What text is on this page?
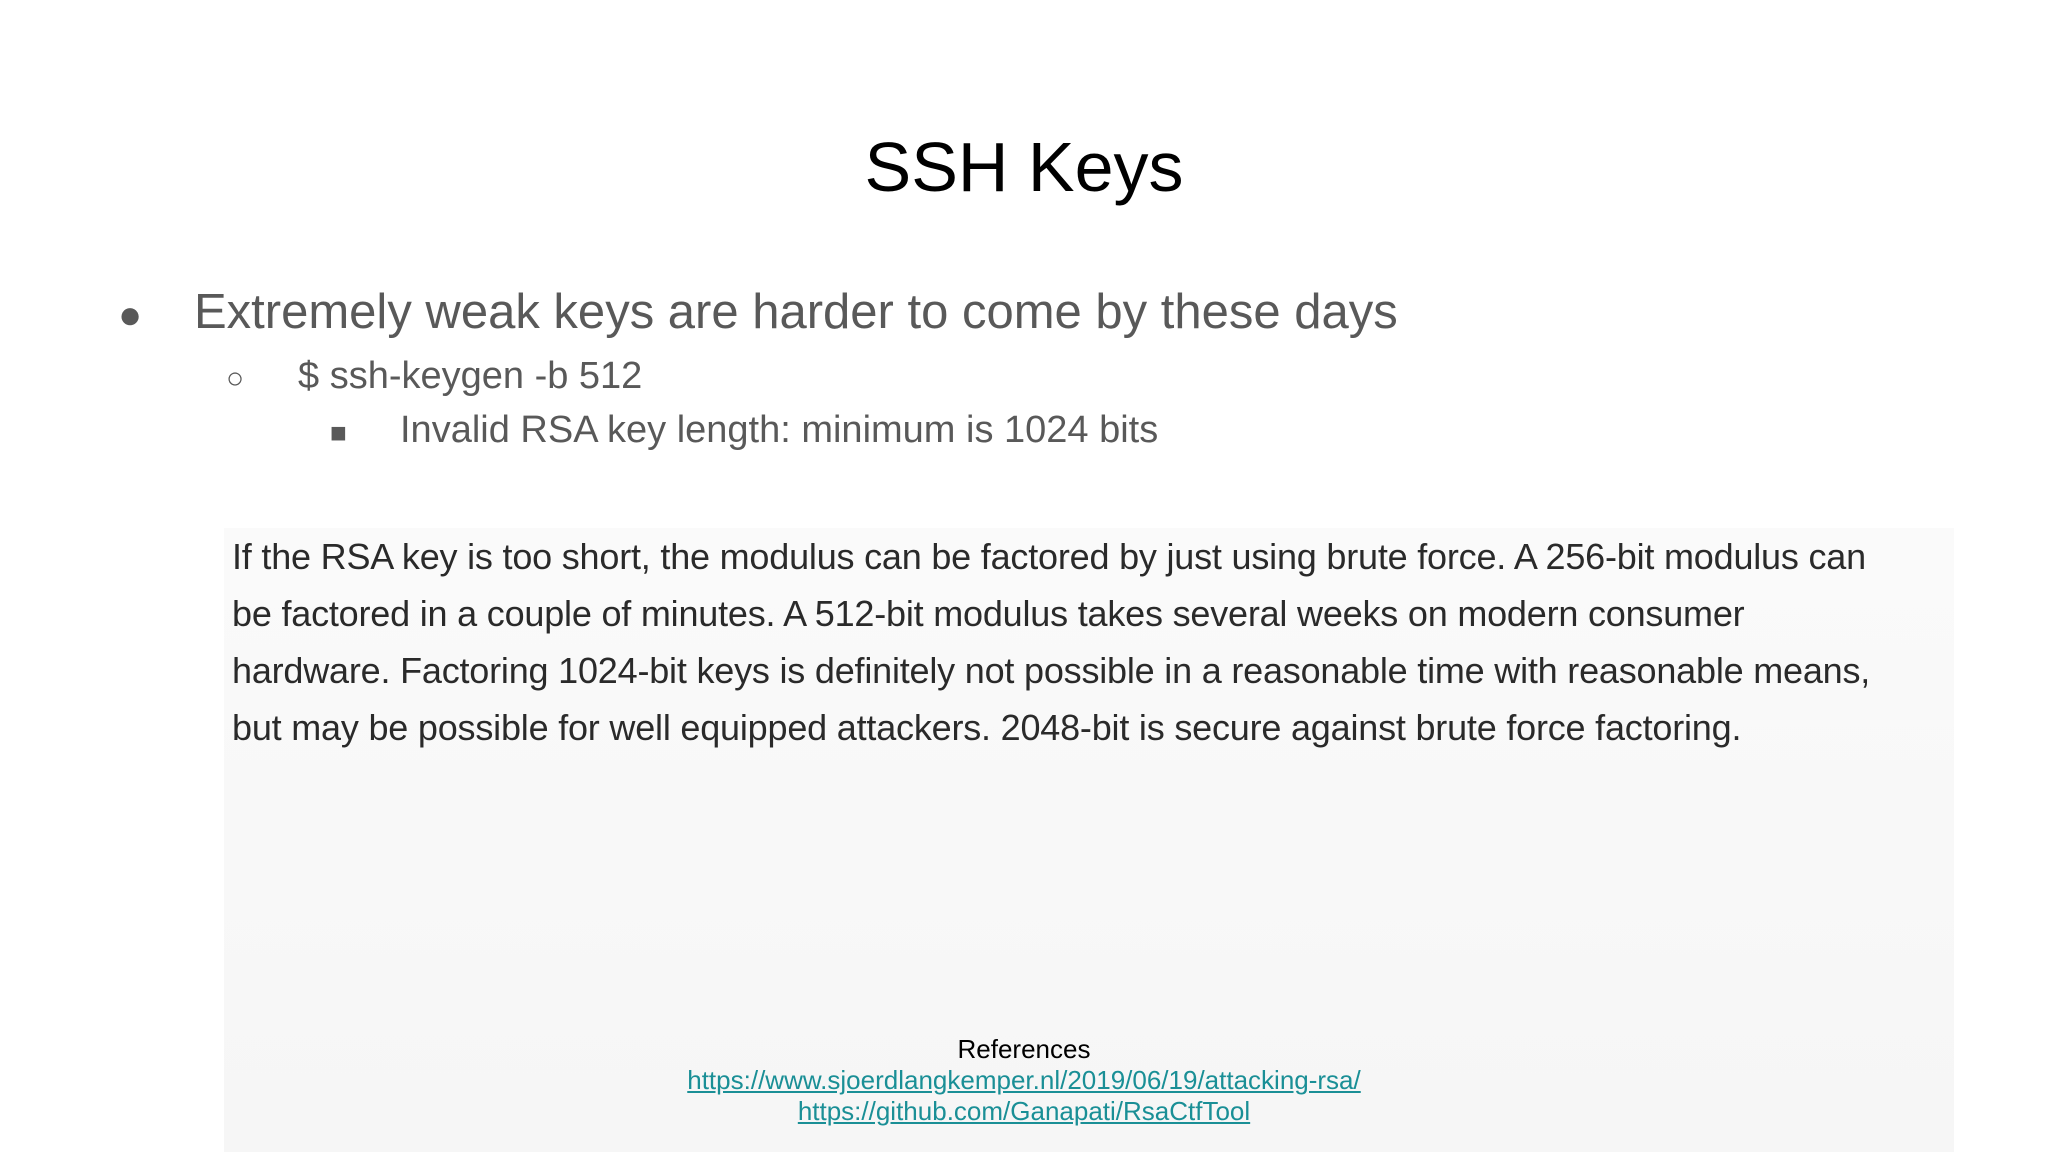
SSH Keys
●	Extremely weak keys are harder to come by these days
○	$ ssh-keygen -b 512
■	Invalid RSA key length: minimum is 1024 bits

If the RSA key is too short, the modulus can be factored by just using brute force. A 256-bit modulus can be factored in a couple of minutes. A 512-bit modulus takes several weeks on modern consumer hardware. Factoring 1024-bit keys is definitely not possible in a reasonable time with reasonable means, but may be possible for well equipped attackers. 2048-bit is secure against brute force factoring.

References
https://www.sjoerdlangkemper.nl/2019/06/19/attacking-rsa/
https://github.com/Ganapati/RsaCtfTool
